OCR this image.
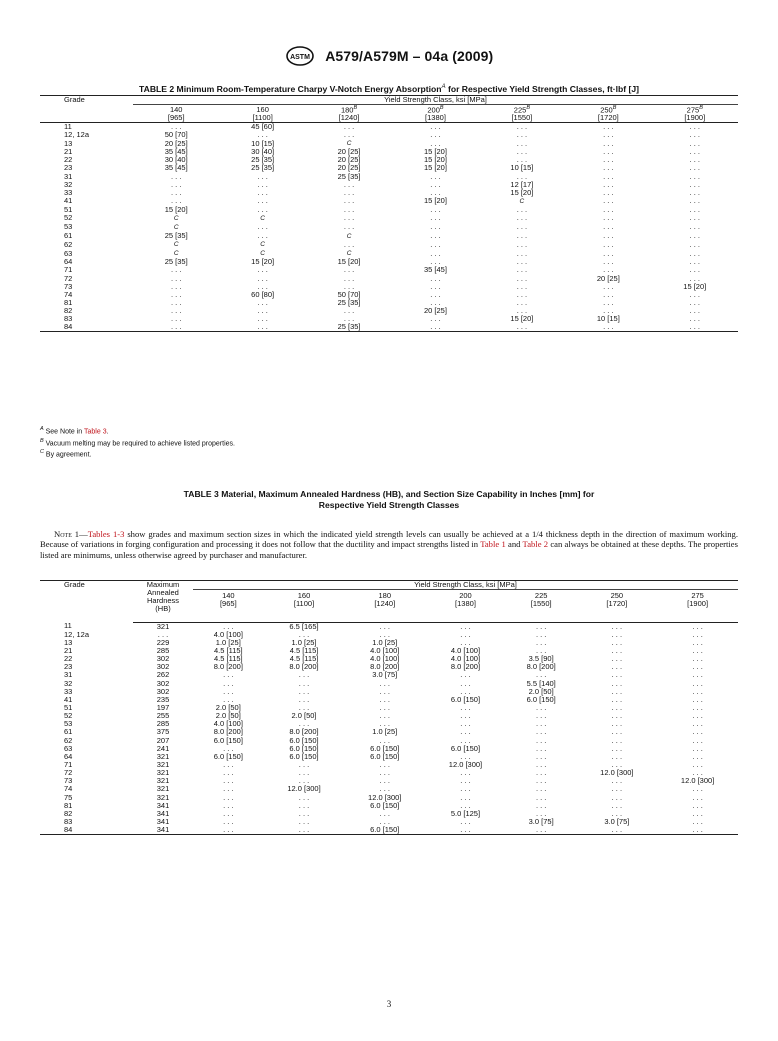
ASTM A579/A579M – 04a (2009)
TABLE 2 Minimum Room-Temperature Charpy V-Notch Energy Absorption$^A$ for Respective Yield Strength Classes, ft·lbf [J]
Grade	Yield Strength Class, ksi [MPa]						
	140	160	$180^B$	$200^B$	$225^B$	$250^B$	$275^B$
	[965]	[1100]	[1240]	[1380]	[1550]	[1720]	[1900]
11	. . .	45 [60]	. . .	. . .	. . .	. . .	. . .
12, 12a	50 [70]	. . .	. . .	. . .	. . .	. . .	. . .
13	20 [25]	10 [15]	C	. . .	. . .	. . .	. . .
21	35 [45]	30 [40]	20 [25]	15 [20]	. . .	. . .	. . .
22	30 [40]	25 [35]	20 [25]	15 [20]	. . .	. . .	. . .
23	35 [45]	25 [35]	20 [25]	15 [20]	10 [15]	. . .	. . .
31	. . .	. . .	25 [35]	. . .	. . .	. . .	. . .
32	. . .	. . .	. . .	. . .	12 [17]	. . .	. . .
33	. . .	. . .	. . .	. . .	15 [20]	. . .	. . .
41	. . .	. . .	. . .	15 [20]	C	. . .	. . .
51	15 [20]	. . .	. . .	. . .	. . .	. . .	. . .
52	C	C	. . .	. . .	. . .	. . .	. . .
53	C	. . .	. . .	. . .	. . .	. . .	. . .
61	25 [35]	. . .	C	. . .	. . .	. . .	. . .
62	C	C	. . .	. . .	. . .	. . .	. . .
63	C	C	C	. . .	. . .	. . .	. . .
64	25 [35]	15 [20]	15 [20]	. . .	. . .	. . .	. . .
71	. . .	. . .	. . .	35 [45]	. . .	. . .	. . .
72	. . .	. . .	. . .	. . .	. . .	20 [25]	. . .
73	. . .	. . .	. . .	. . .	. . .	. . .	15 [20]
74	. . .	60 [80]	50 [70]	. . .	. . .	. . .	. . .
81	. . .	. . .	25 [35]	. . .	. . .	. . .	. . .
82	. . .	. . .	. . .	20 [25]	. . .	. . .	. . .
83	. . .	. . .	. . .	. . .	15 [20]	10 [15]	. . .
84	. . .	. . .	25 [35]	. . .	. . .	. . .	. . .
$^A$ See Note in Table 3.
$^B$ Vacuum melting may be required to achieve listed properties.
$^C$ By agreement.
TABLE 3 Material, Maximum Annealed Hardness (HB), and Section Size Capability in Inches [mm] for
Respective Yield Strength Classes
Note 1—Tables 1-3 show grades and maximum section sizes in which the indicated yield strength levels can usually be achieved at a 1/4 thickness depth in the direction of maximum working. Because of variations in forging configuration and processing it does not follow that the ductility and impact strengths listed in Table 1 and Table 2 can always be obtained at these depths. The properties listed are minimums, unless otherwise agreed by purchaser and manufacturer.
Grade	Maximum
Annealed
Hardness
(HB)	Yield Strength Class, ksi [MPa]						
		140	160	180	200	225	250	275
		[965]	[1100]	[1240]	[1380]	[1550]	[1720]	[1900]
11	321	. . .	6.5 [165]	. . .	. . .	. . .	. . .	. . .
12, 12a	. . .	4.0 [100]	. . .	. . .	. . .	. . .	. . .	. . .
13	229	1.0 [25]	1.0 [25]	1.0 [25]	. . .	. . .	. . .	. . .
21	285	4.5 [115]	4.5 [115]	4.0 [100]	4.0 [100]	. . .	. . .	. . .
22	302	4.5 [115]	4.5 [115]	4.0 [100]	4.0 [100]	3.5 [90]	. . .	. . .
23	302	8.0 [200]	8.0 [200]	8.0 [200]	8.0 [200]	8.0 [200]	. . .	. . .
31	262	. . .	. . .	3.0 [75]	. . .	. . .	. . .	. . .
32	302	. . .	. . .	. . .	. . .	5.5 [140]	. . .	. . .
33	302	. . .	. . .	. . .	. . .	2.0 [50]	. . .	. . .
41	235	. . .	. . .	. . .	6.0 [150]	6.0 [150]	. . .	. . .
51	197	2.0 [50]	. . .	. . .	. . .	. . .	. . .	. . .
52	255	2.0 [50]	2.0 [50]	. . .	. . .	. . .	. . .	. . .
53	285	4.0 [100]	. . .	. . .	. . .	. . .	. . .	. . .
61	375	8.0 [200]	8.0 [200]	1.0 [25]	. . .	. . .	. . .	. . .
62	207	6.0 [150]	6.0 [150]	. . .	. . .	. . .	. . .	. . .
63	241	. . .	6.0 [150]	6.0 [150]	6.0 [150]	. . .	. . .	. . .
64	321	6.0 [150]	6.0 [150]	6.0 [150]	. . .	. . .	. . .	. . .
71	321	. . .	. . .	. . .	12.0 [300]	. . .	. . .	. . .
72	321	. . .	. . .	. . .	. . .	. . .	12.0 [300]	. . .
73	321	. . .	. . .	. . .	. . .	. . .	. . .	12.0 [300]
74	321	. . .	12.0 [300]	. . .	. . .	. . .	. . .	. . .
75	321	. . .	. . .	12.0 [300]	. . .	. . .	. . .	. . .
81	341	. . .	. . .	6.0 [150]	. . .	. . .	. . .	. . .
82	341	. . .	. . .	. . .	5.0 [125]	. . .	. . .	. . .
83	341	. . .	. . .	. . .	. . .	3.0 [75]	3.0 [75]	. . .
84	341	. . .	. . .	6.0 [150]	. . .	. . .	. . .	. . .
3
